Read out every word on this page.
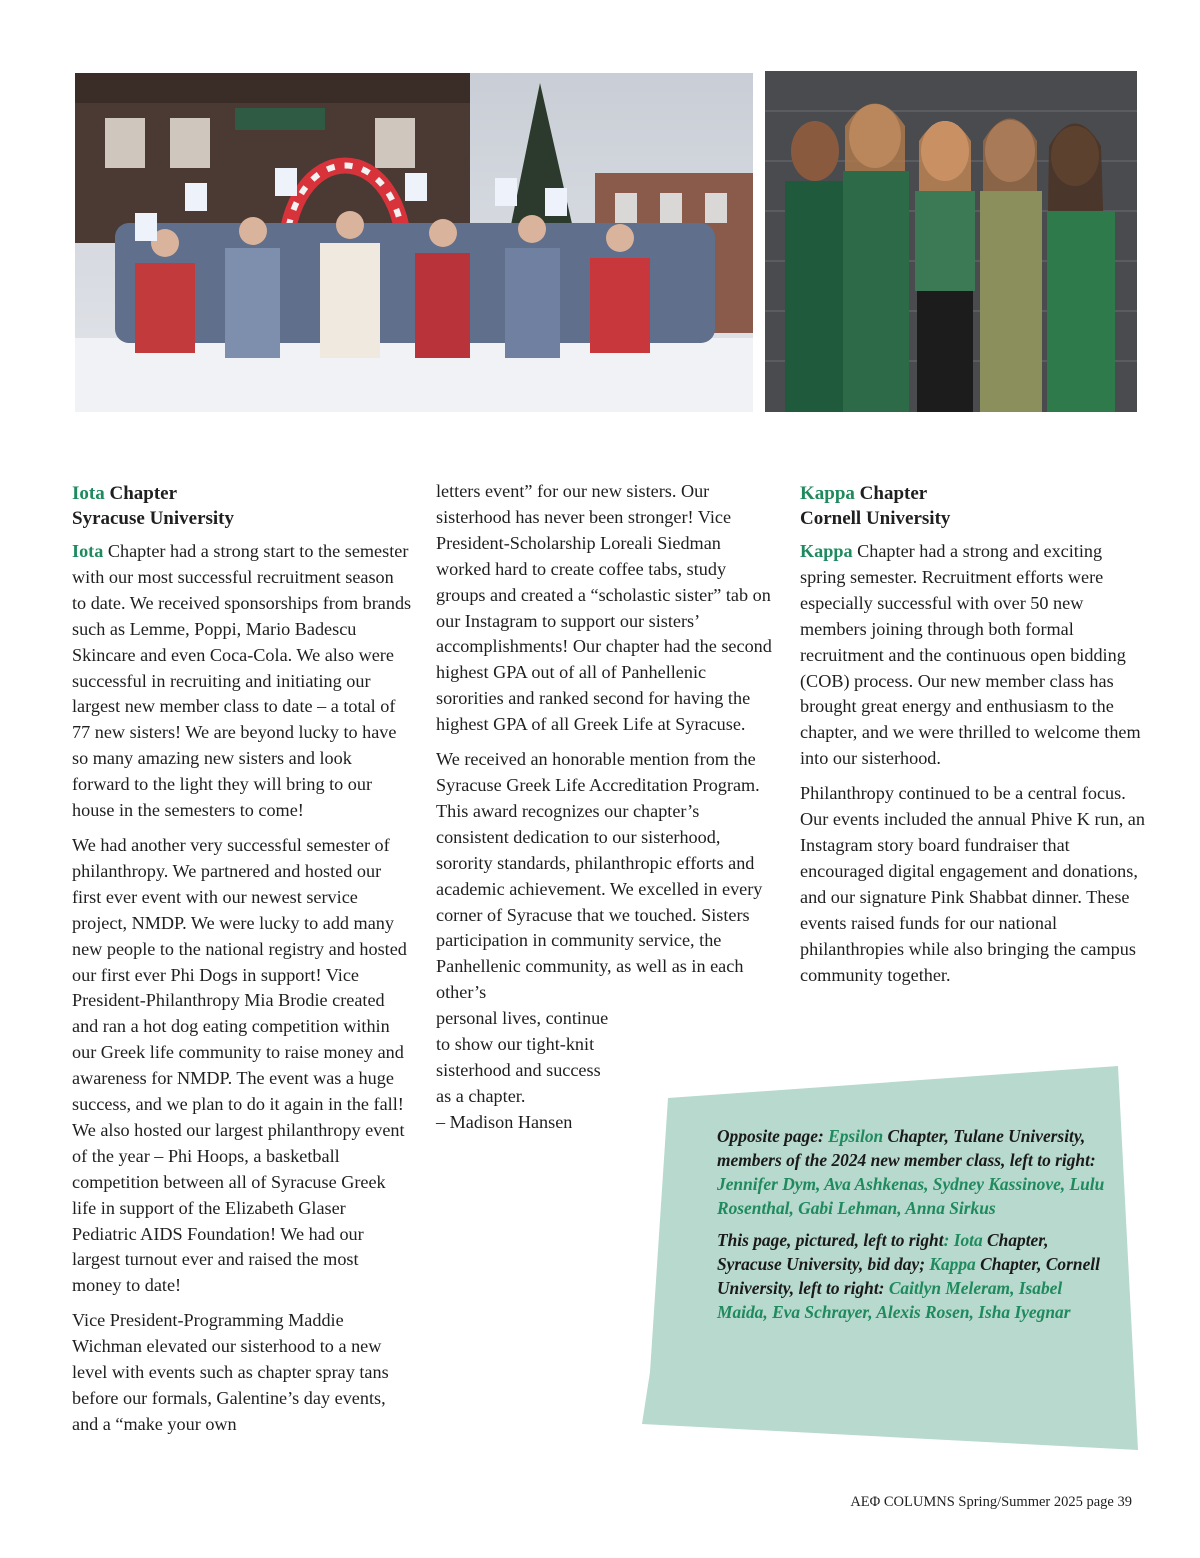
Iota Chapter
Syracuse University

Iota Chapter had a strong start to the semester with our most successful recruitment season to date. We received sponsorships from brands such as Lemme, Poppi, Mario Badescu Skincare and even Coca-Cola. We also were successful in recruiting and initiating our largest new member class to date – a total of 77 new sisters! We are beyond lucky to have so many amazing new sisters and look forward to the light they will bring to our house in the semesters to come!

We had another very successful semester of philanthropy. We partnered and hosted our first ever event with our newest service project, NMDP. We were lucky to add many new people to the national registry and hosted our first ever Phi Dogs in support! Vice President-Philanthropy Mia Brodie created and ran a hot dog eating competition within our Greek life community to raise money and awareness for NMDP. The event was a huge success, and we plan to do it again in the fall! We also hosted our largest philanthropy event of the year – Phi Hoops, a basketball competition between all of Syracuse Greek life in support of the Elizabeth Glaser Pediatric AIDS Foundation! We had our largest turnout ever and raised the most money to date!

Vice President-Programming Maddie Wichman elevated our sisterhood to a new level with events such as chapter spray tans before our formals, Galentine’s day events, and a “make your own

letters event” for our new sisters. Our sisterhood has never been stronger! Vice President-Scholarship Loreali Siedman worked hard to create coffee tabs, study groups and created a “scholastic sister” tab on our Instagram to support our sisters’ accomplishments! Our chapter had the second highest GPA out of all of Panhellenic sororities and ranked second for having the highest GPA of all Greek Life at Syracuse.

We received an honorable mention from the Syracuse Greek Life Accreditation Program. This award recognizes our chapter’s consistent dedication to our sisterhood, sorority standards, philanthropic efforts and academic achievement. We excelled in every corner of Syracuse that we touched. Sisters participation in community service, the Panhellenic community, as well as in each other’s
personal lives, continue
to show our tight-knit
sisterhood and success
as a chapter.
– Madison Hansen
Kappa Chapter
Cornell University

Kappa Chapter had a strong and exciting spring semester. Recruitment efforts were especially successful with over 50 new members joining through both formal recruitment and the continuous open bidding (COB) process. Our new member class has brought great energy and enthusiasm to the chapter, and we were thrilled to welcome them into our sisterhood.

Philanthropy continued to be a central focus. Our events included the annual Phive K run, an Instagram story board fundraiser that encouraged digital engagement and donations, and our signature Pink Shabbat dinner. These events raised funds for our national philanthropies while also bringing the campus community together.

Opposite page: Epsilon Chapter, Tulane University, members of the 2024 new member class, left to right: Jennifer Dym, Ava Ashkenas, Sydney Kassinove, Lulu Rosenthal, Gabi Lehman, Anna Sirkus

This page, pictured, left to right: Iota Chapter, Syracuse University, bid day; Kappa Chapter, Cornell University, left to right: Caitlyn Meleram, Isabel Maida, Eva Schrayer, Alexis Rosen, Isha Iyegnar

AEΦ COLUMNS Spring/Summer 2025 page 39
